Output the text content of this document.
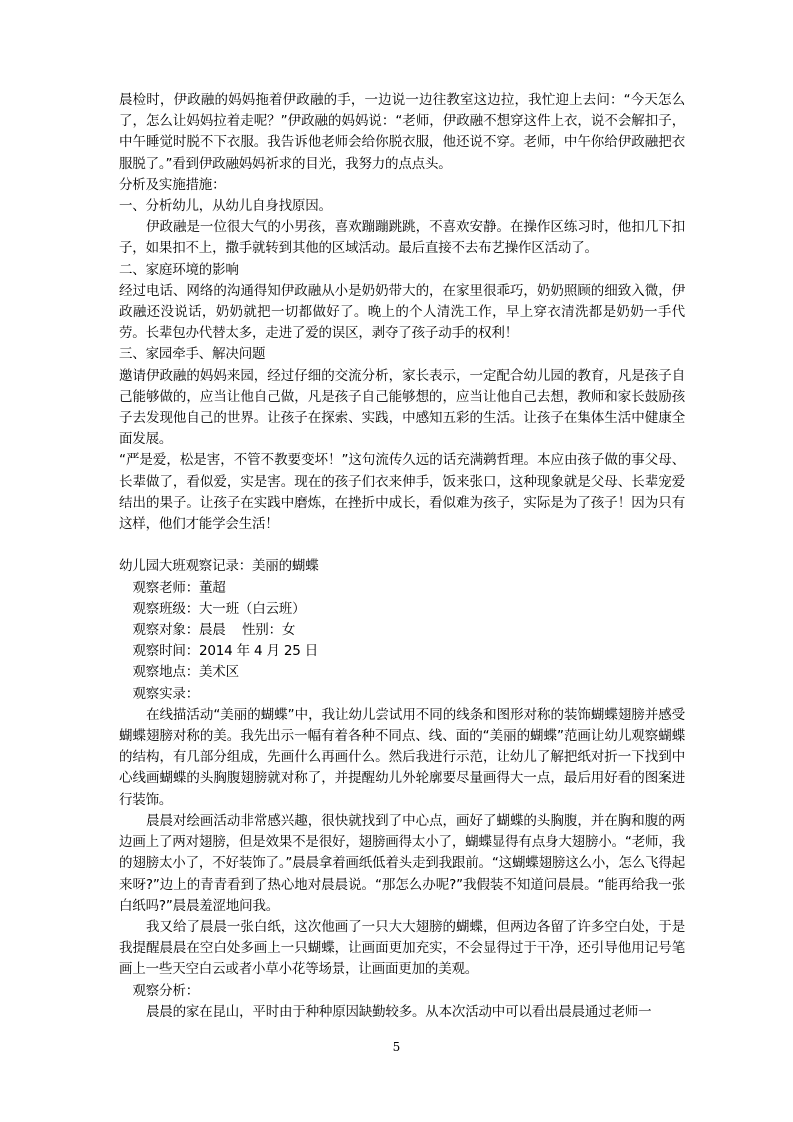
晨检时，伊政融的妈妈拖着伊政融的手，一边说一边往教室这边拉，我忙迎上去问：“今天怎么了，怎么让妈妈拉着走呢？”伊政融的妈妈说：“老师，伊政融不想穿这件上衣，说不会解扣子，中午睡觉时脱不下衣服。我告诉他老师会给你脱衣服，他还说不穿。老师，中午你给伊政融把衣服脱了。”看到伊政融妈妈祈求的目光，我努力的点点头。

分析及实施措施：

一、分析幼儿，从幼儿自身找原因。

伊政融是一位很大气的小男孩，喜欢蹦蹦跳跳，不喜欢安静。在操作区练习时，他扣几下扣子，如果扣不上，撒手就转到其他的区域活动。最后直接不去布艺操作区活动了。

二、家庭环境的影响

经过电话、网络的沟通得知伊政融从小是奶奶带大的，在家里很乖巧，奶奶照顾的细致入微，伊政融还没说话，奶奶就把一切都做好了。晚上的个人清洗工作，早上穿衣清洗都是奶奶一手代劳。长辈包办代替太多，走进了爱的误区，剥夺了孩子动手的权利！

三、家园牵手、解决问题

邀请伊政融的妈妈来园，经过仔细的交流分析，家长表示，一定配合幼儿园的教育，凡是孩子自己能够做的，应当让他自己做，凡是孩子自己能够想的，应当让他自己去想，教师和家长鼓励孩子去发现他自己的世界。让孩子在探索、实践，中感知五彩的生活。让孩子在集体生活中健康全面发展。

“严是爱，松是害，不管不教要变坏！”这句流传久远的话充满鹈哲理。本应由孩子做的事父母、长辈做了，看似爱，实是害。现在的孩子们衣来伸手，饭来张口，这种现象就是父母、长辈宠爱结出的果子。让孩子在实践中磨炼，在挫折中成长，看似难为孩子，实际是为了孩子！因为只有这样，他们才能学会生活！

幼儿园大班观察记录：美丽的蝴蝶

观察老师：董超

观察班级：大一班（白云班）

观察对象：晨晨    性别：女

观察时间：2014 年 4 月 25 日

观察地点：美术区

观察实录：

在线描活动“美丽的蝴蝶”中，我让幼儿尝试用不同的线条和图形对称的装饰蝴蝶翅膀并感受蝴蝶翅膀对称的美。我先出示一幅有着各种不同点、线、面的“美丽的蝴蝶”范画让幼儿观察蝴蝶的结构，有几部分组成，先画什么再画什么。然后我进行示范，让幼儿了解把纸对折一下找到中心线画蝴蝶的头胸腹翅膀就对称了，并提醒幼儿外轮廓要尽量画得大一点，最后用好看的图案进行装饰。

晨晨对绘画活动非常感兴趣，很快就找到了中心点，画好了蝴蝶的头胸腹，并在胸和腹的两边画上了两对翅膀，但是效果不是很好，翅膀画得太小了，蝴蝶显得有点身大翅膀小。“老师，我的翅膀太小了，不好装饰了。”晨晨拿着画纸低着头走到我跟前。“这蝴蝶翅膀这么小，怎么飞得起来呀?”边上的青青看到了热心地对晨晨说。“那怎么办呢?”我假装不知道问晨晨。“能再给我一张白纸吗?”晨晨羞涩地问我。

我又给了晨晨一张白纸，这次他画了一只大大翅膀的蝴蝶，但两边各留了许多空白处，于是我提醒晨晨在空白处多画上一只蝴蝶，让画面更加充实，不会显得过于干净，还引导他用记号笔画上一些天空白云或者小草小花等场景，让画面更加的美观。

观察分析：

晨晨的家在昆山，平时由于种种原因缺勤较多。从本次活动中可以看出晨晨通过老师一

5
